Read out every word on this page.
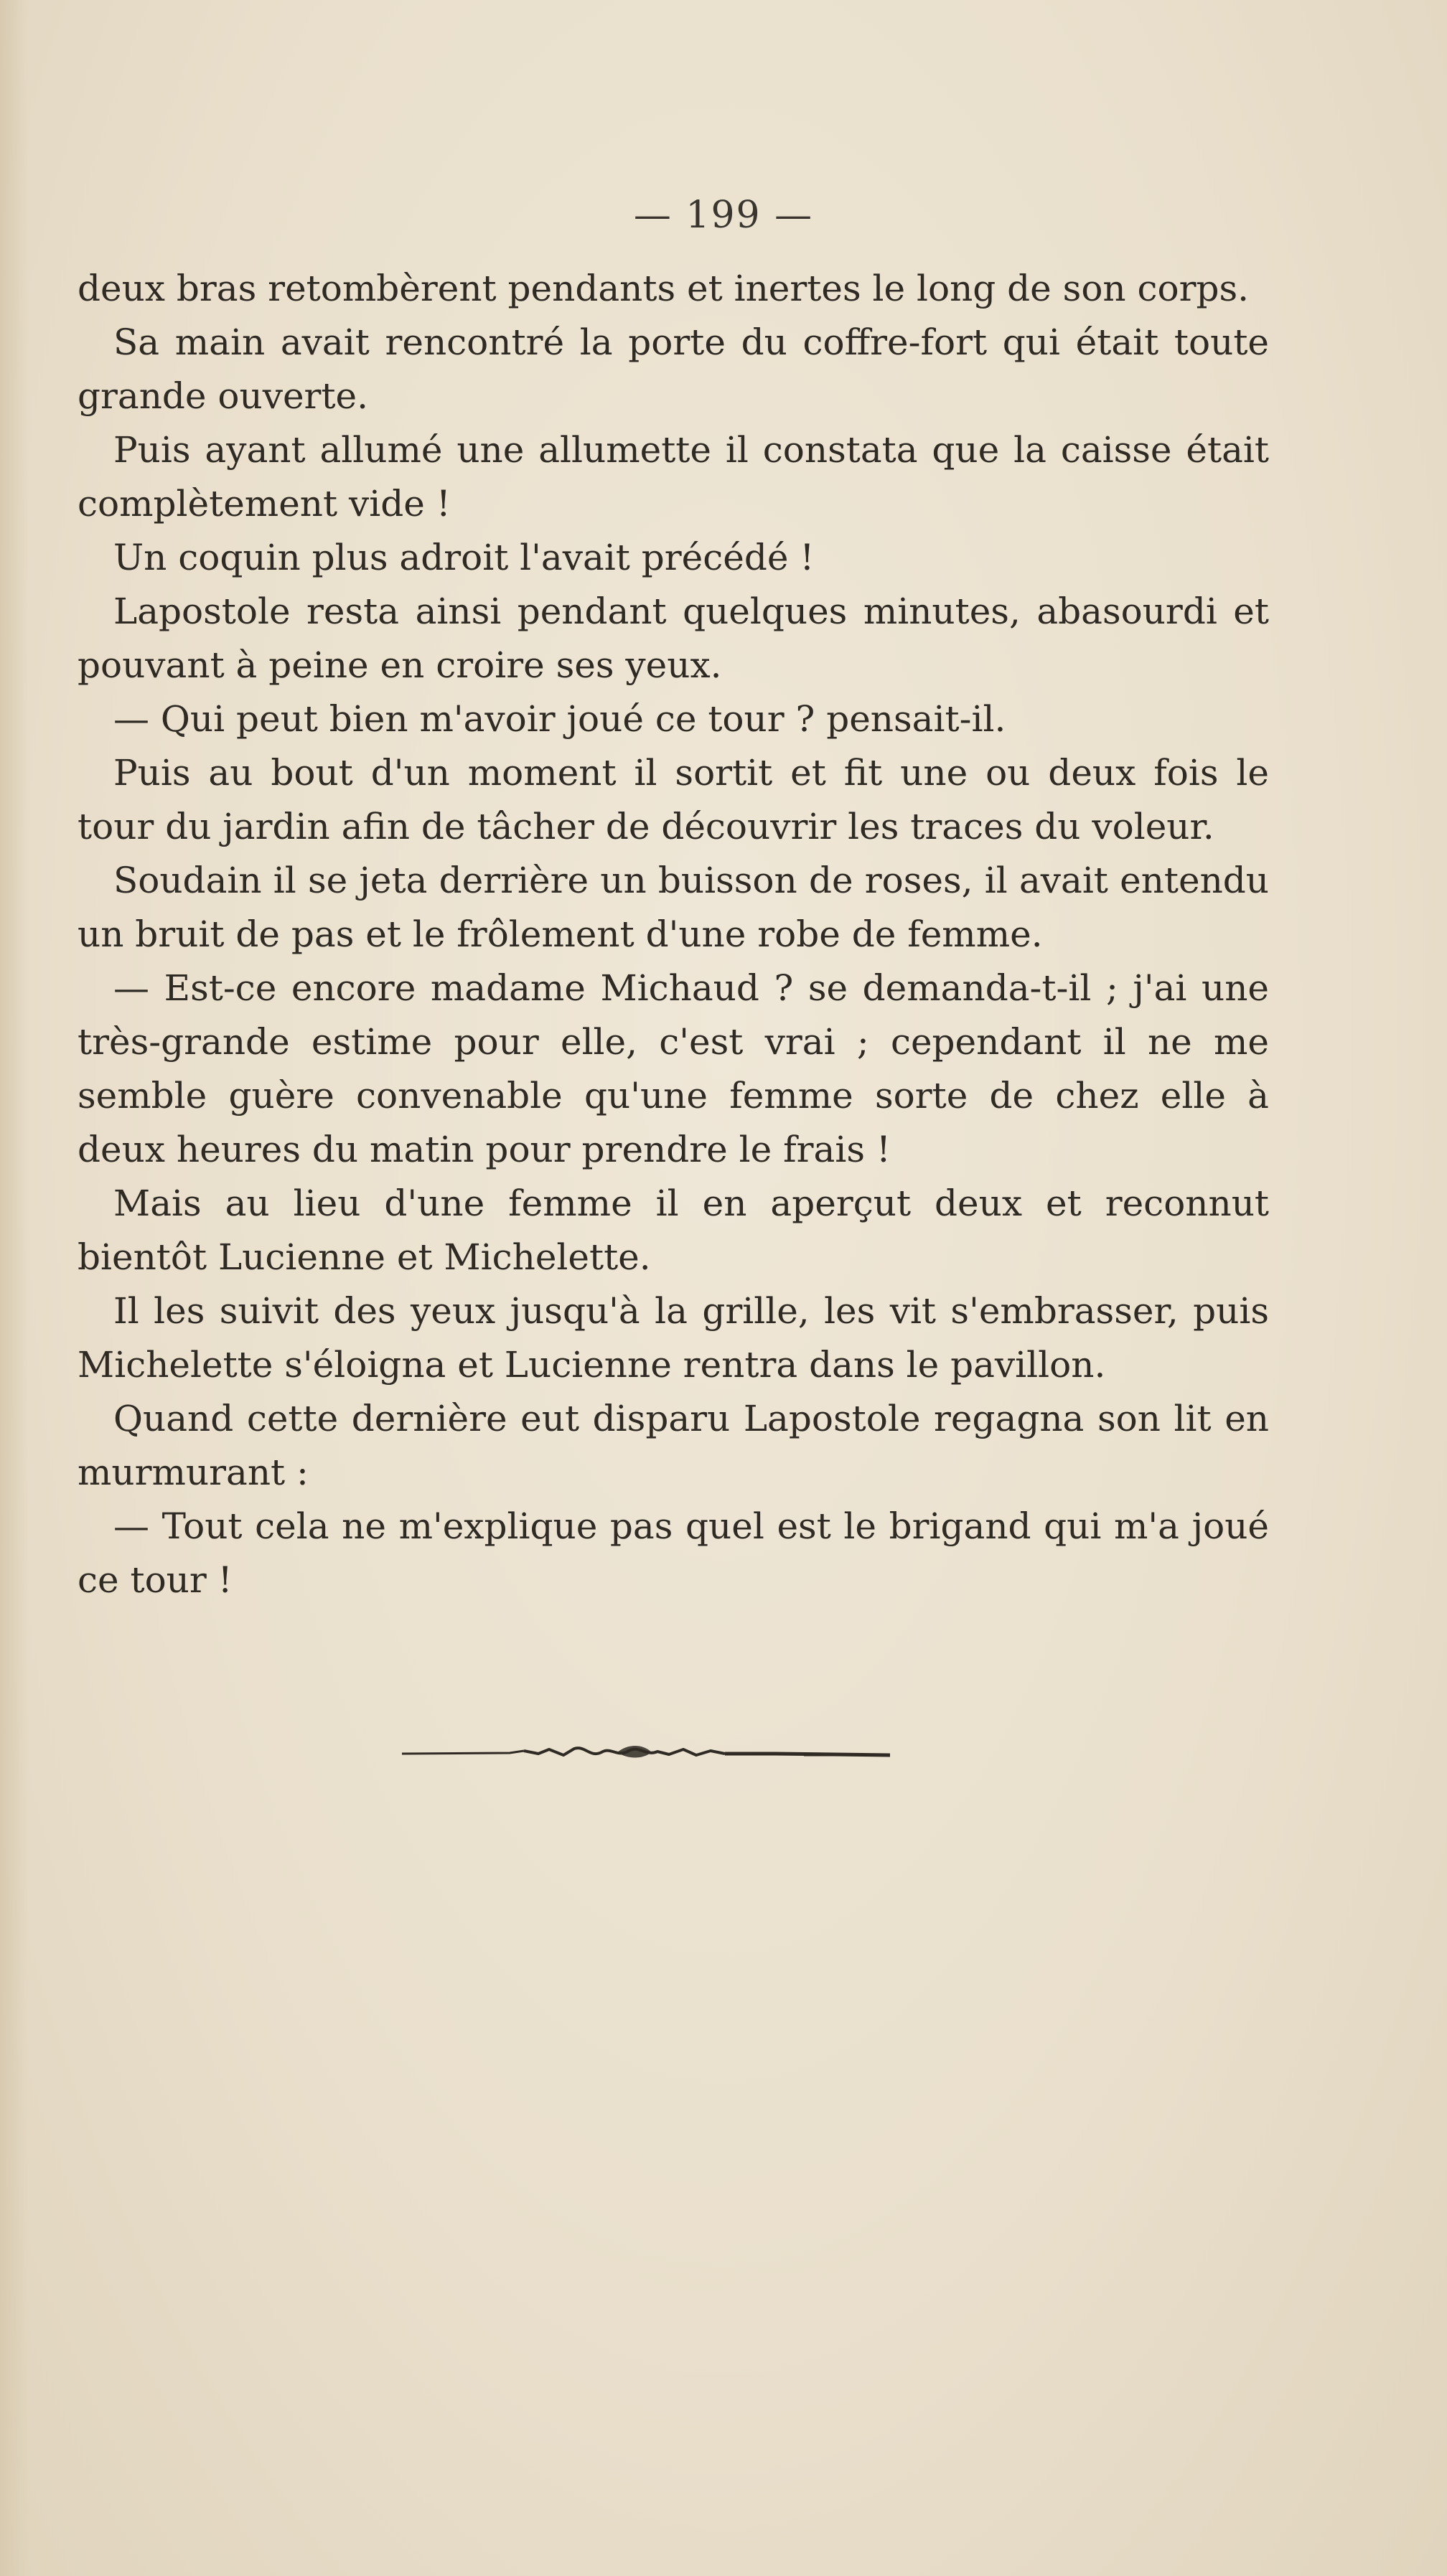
— 199 —

deux bras retombèrent pendants et inertes le long de son corps.

Sa main avait rencontré la porte du coffre-fort qui était toute grande ouverte.

Puis ayant allumé une allumette il constata que la caisse était complètement vide !

Un coquin plus adroit l'avait précédé !

Lapostole resta ainsi pendant quelques minutes, abasourdi et pouvant à peine en croire ses yeux.

— Qui peut bien m'avoir joué ce tour ? pensait-il.

Puis au bout d'un moment il sortit et fit une ou deux fois le tour du jardin afin de tâcher de découvrir les traces du voleur.

Soudain il se jeta derrière un buisson de roses, il avait entendu un bruit de pas et le frôlement d'une robe de femme.

— Est-ce encore madame Michaud ? se demanda-t-il ; j'ai une très-grande estime pour elle, c'est vrai ; cependant il ne me semble guère convenable qu'une femme sorte de chez elle à deux heures du matin pour prendre le frais !

Mais au lieu d'une femme il en aperçut deux et reconnut bientôt Lucienne et Michelette.

Il les suivit des yeux jusqu'à la grille, les vit s'embrasser, puis Michelette s'éloigna et Lucienne rentra dans le pavillon.

Quand cette dernière eut disparu Lapostole regagna son lit en murmurant :

— Tout cela ne m'explique pas quel est le brigand qui m'a joué ce tour !
